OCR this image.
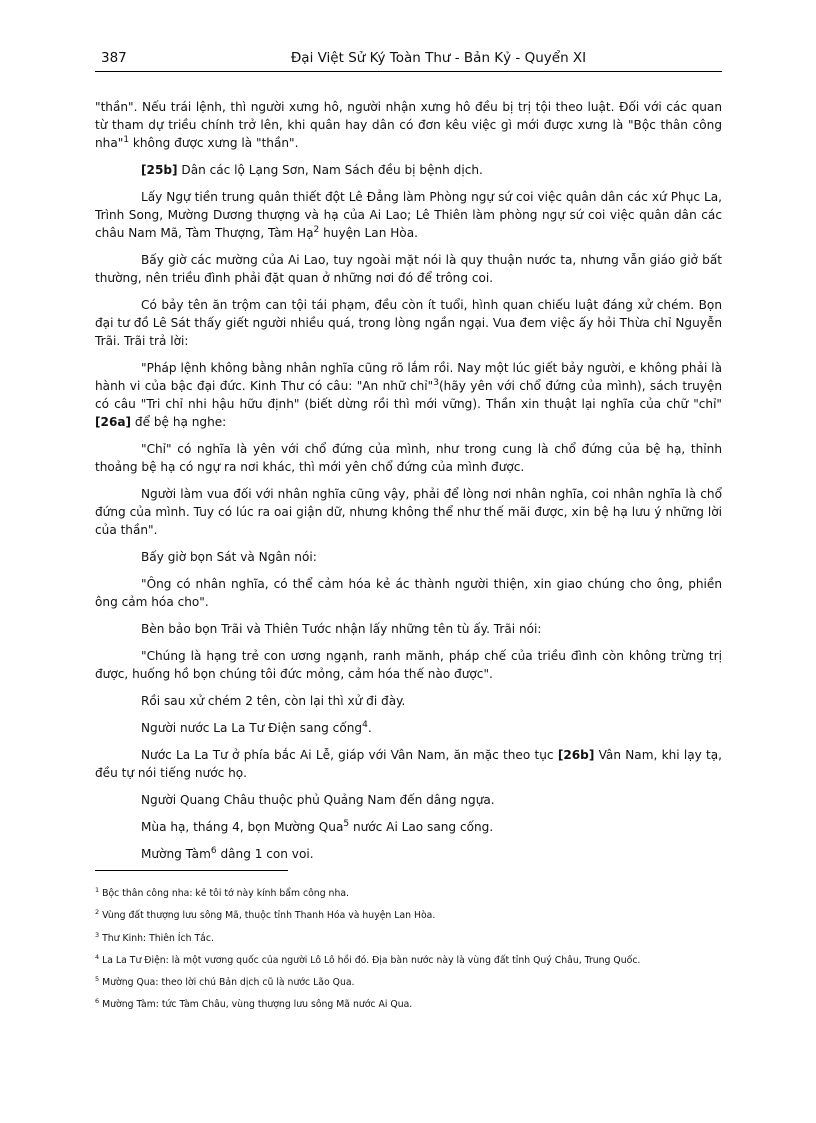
387	Đại Việt Sử Ký Toàn Thư - Bản Kỷ - Quyển XI

"thần". Nếu trái lệnh, thì người xưng hô, người nhận xưng hô đều bị trị tội theo luật. Đối với các quan từ tham dự triều chính trở lên, khi quân hay dân có đơn kêu việc gì mới được xưng là "Bộc thân công nha"$^1$ không được xưng là "thần".

[25b] Dân các lộ Lạng Sơn, Nam Sách đều bị bệnh dịch.

Lấy Ngự tiền trung quân thiết đột Lê Đẳng làm Phòng ngự sứ coi việc quân dân các xứ Phục La, Trình Song, Mường Dương thượng và hạ của Ai Lao; Lê Thiên làm phòng ngự sứ coi việc quân dân các châu Nam Mã, Tàm Thượng, Tàm Hạ$^2$ huyện Lan Hòa.

Bấy giờ các mường của Ai Lao, tuy ngoài mặt nói là quy thuận nước ta, nhưng vẫn giáo giở bất thường, nên triều đình phải đặt quan ở những nơi đó để trông coi.

Có bảy tên ăn trộm can tội tái phạm, đều còn ít tuổi, hình quan chiếu luật đáng xử chém. Bọn đại tư đồ Lê Sát thấy giết người nhiều quá, trong lòng ngần ngại. Vua đem việc ấy hỏi Thừa chỉ Nguyễn Trãi. Trãi trả lời:

"Pháp lệnh không bằng nhân nghĩa cũng rõ lắm rồi. Nay một lúc giết bảy người, e không phải là hành vi của bậc đại đức. Kinh Thư có câu: "An nhữ chỉ"$^3$(hãy yên với chổ đứng của mình), sách truyện có câu "Tri chỉ nhi hậu hữu định" (biết dừng rồi thì mới vững). Thần xin thuật lại nghĩa của chữ "chỉ" [26a] để bệ hạ nghe:

"Chỉ" có nghĩa là yên với chổ đứng của mình, như trong cung là chổ đứng của bệ hạ, thỉnh thoảng bệ hạ có ngự ra nơi khác, thì mới yên chổ đứng của mình được.

Người làm vua đối với nhân nghĩa cũng vậy, phải để lòng nơi nhân nghĩa, coi nhân nghĩa là chổ đứng của mình. Tuy có lúc ra oai giận dữ, nhưng không thể như thế mãi được, xin bệ hạ lưu ý những lời của thần".

Bấy giờ bọn Sát và Ngân nói:

"Ông có nhân nghĩa, có thể cảm hóa kẻ ác thành người thiện, xin giao chúng cho ông, phiền ông cảm hóa cho".

Bèn bảo bọn Trãi và Thiên Tước nhận lấy những tên tù ấy. Trãi nói:

"Chúng là hạng trẻ con ương ngạnh, ranh mãnh, pháp chế của triều đình còn không trừng trị được, huống hồ bọn chúng tôi đức mỏng, cảm hóa thế nào được".

Rồi sau xử chém 2 tên, còn lại thì xử đi đày.

Người nước La La Tư Điện sang cống$^4$.

Nước La La Tư ở phía bắc Ai Lễ, giáp với Vân Nam, ăn mặc theo tục [26b] Vân Nam, khi lạy tạ, đều tự nói tiếng nước họ.

Người Quang Châu thuộc phủ Quảng Nam đến dâng ngựa.

Mùa hạ, tháng 4, bọn Mường Qua$^5$ nước Ai Lao sang cống.

Mường Tàm$^6$ dâng 1 con voi.

$^1$ Bộc thân công nha: kẻ tôi tớ này kính bẩm công nha.
$^2$ Vùng đất thượng lưu sông Mã, thuộc tỉnh Thanh Hóa và huyện Lan Hòa.
$^3$ Thư Kinh: Thiên Ích Tắc.
$^4$ La La Tư Điện: là một vương quốc của người Lô Lô hồi đó. Địa bàn nước này là vùng đất tỉnh Quý Châu, Trung Quốc.
$^5$ Mường Qua: theo lời chú Bản dịch cũ là nước Lão Qua.
$^6$ Mường Tàm: tức Tàm Châu, vùng thượng lưu sông Mã nước Ai Qua.
